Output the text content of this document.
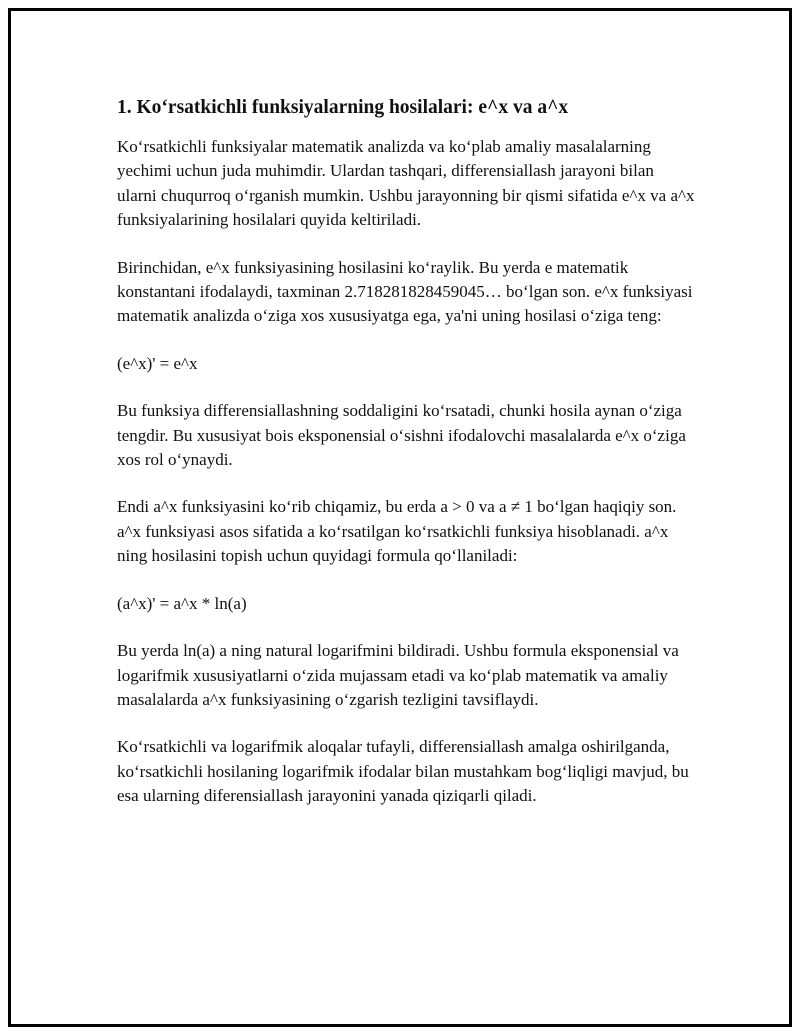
1. Koʻrsatkichli funksiyalarning hosilalari: e^x va a^x

Koʻrsatkichli funksiyalar matematik analizda va koʻplab amaliy masalalarning yechimi uchun juda muhimdir. Ulardan tashqari, differensiallash jarayoni bilan ularni chuqurroq oʻrganish mumkin. Ushbu jarayonning bir qismi sifatida e^x va a^x funksiyalarining hosilalari quyida keltiriladi.

Birinchidan, e^x funksiyasining hosilasini koʻraylik. Bu yerda e matematik konstantani ifodalaydi, taxminan 2.718281828459045… boʻlgan son. e^x funksiyasi matematik analizda oʻziga xos xususiyatga ega, ya'ni uning hosilasi oʻziga teng:

(e^x)' = e^x

Bu funksiya differensiallashning soddaligini koʻrsatadi, chunki hosila aynan oʻziga tengdir. Bu xususiyat bois eksponensial oʻsishni ifodalovchi masalalarda e^x oʻziga xos rol oʻynaydi.

Endi a^x funksiyasini koʻrib chiqamiz, bu erda a > 0 va a ≠ 1 boʻlgan haqiqiy son. a^x funksiyasi asos sifatida a koʻrsatilgan koʻrsatkichli funksiya hisoblanadi. a^x ning hosilasini topish uchun quyidagi formula qoʻllaniladi:

(a^x)' = a^x * ln(a)

Bu yerda ln(a) a ning natural logarifmini bildiradi. Ushbu formula eksponensial va logarifmik xususiyatlarni oʻzida mujassam etadi va koʻplab matematik va amaliy masalalarda a^x funksiyasining oʻzgarish tezligini tavsiflaydi.

Koʻrsatkichli va logarifmik aloqalar tufayli, differensiallash amalga oshirilganda, koʻrsatkichli hosilaning logarifmik ifodalar bilan mustahkam bogʻliqligi mavjud, bu esa ularning diferensiallash jarayonini yanada qiziqarli qiladi.
